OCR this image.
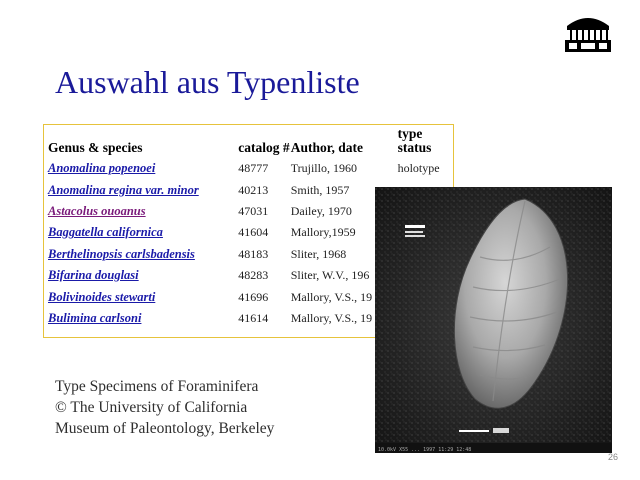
Auswahl aus Typenliste
Genus & species	catalog #	Author, date	type status
Anomalina popenoei	48777	Trujillo, 1960	holotype
Anomalina regina var. minor	40213	Smith, 1957	
Astacolus ouoanus	47031	Dailey, 1970	
Baggatella californica	41604	Mallory,1959	
Berthelinopsis carlsbadensis	48183	Sliter, 1968	
Bifarina douglasi	48283	Sliter, W.V., 196	
Bolivinoides stewarti	41696	Mallory, V.S., 19	
Bulimina carlsoni	41614	Mallory, V.S., 19	
Type Specimens of Foraminifera
© The University of California
Museum of Paleontology, Berkeley
10.0kV X55 ... 1997 11:29 12:48
26
